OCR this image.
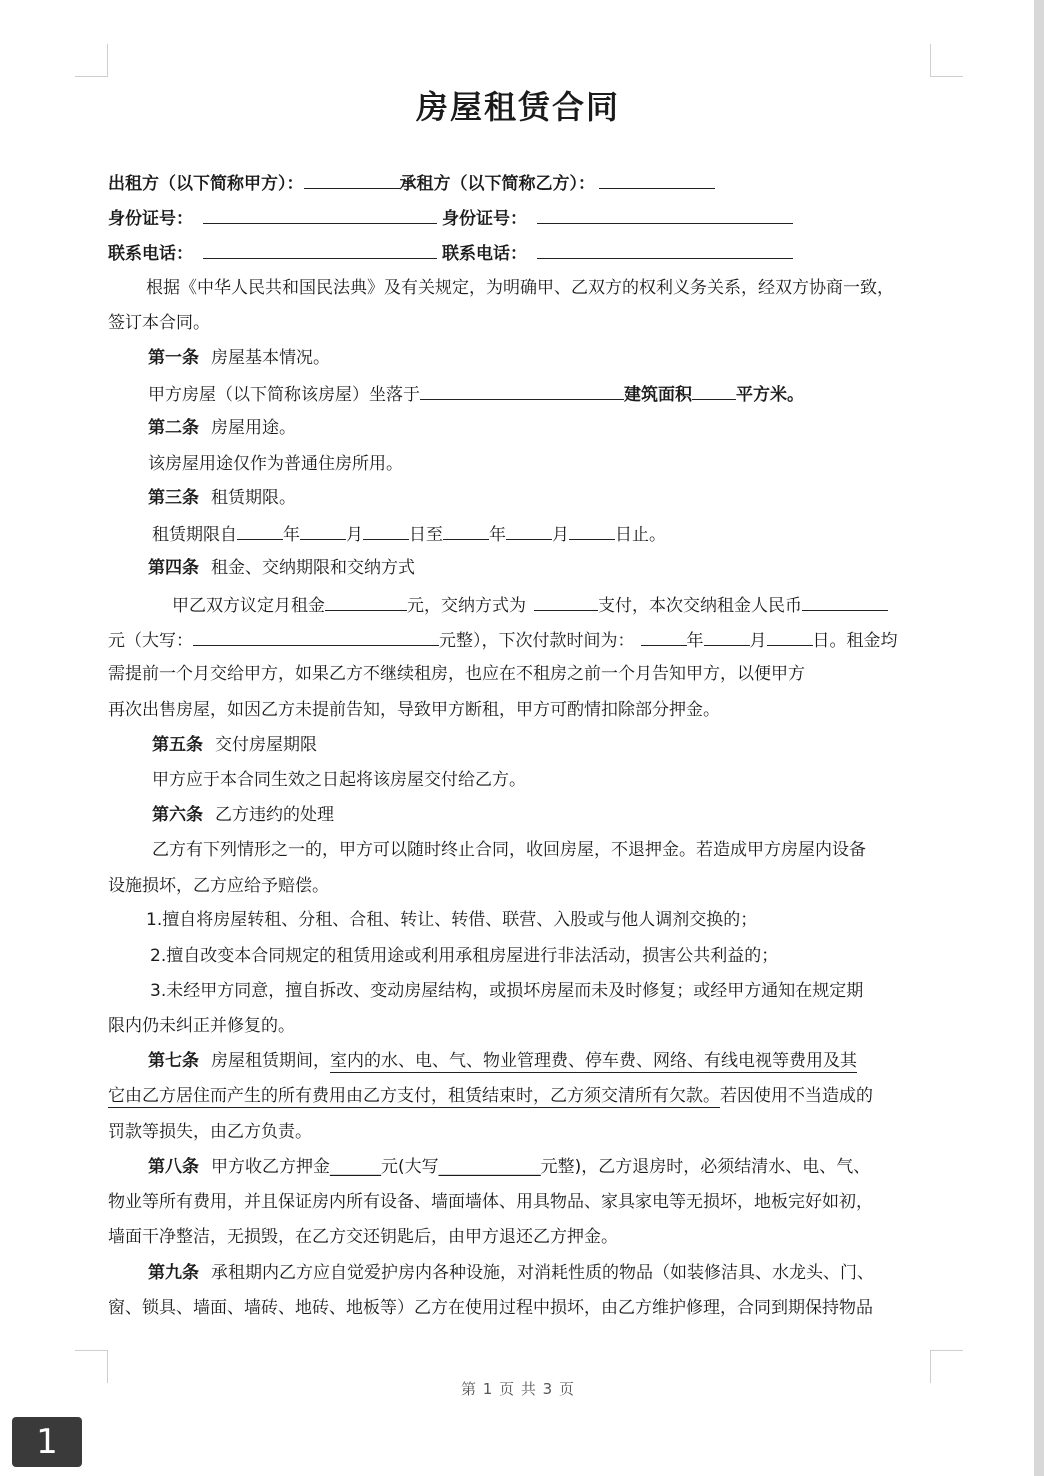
房屋租赁合同
出租方（以下简称甲方）：	承租方（以下简称乙方）：
身份证号：	身份证号：
联系电话：	联系电话：
根据《中华人民共和国民法典》及有关规定，为明确甲、乙双方的权利义务关系，经双方协商一致，
签订本合同。
第一条 房屋基本情况。
甲方房屋（以下简称该房屋）坐落于	建筑面积	平方米。
第二条 房屋用途。
该房屋用途仅作为普通住房所用。
第三条 租赁期限。
租赁期限自	年	月	日至	年	月	日止。
第四条 租金、交纳期限和交纳方式
甲乙双方议定月租金	元，交纳方式为	支付，本次交纳租金人民币
元（大写：	元整），下次付款时间为：	年	月	日。租金均
需提前一个月交给甲方，如果乙方不继续租房，也应在不租房之前一个月告知甲方，以便甲方
再次出售房屋，如因乙方未提前告知，导致甲方断租，甲方可酌情扣除部分押金。
第五条 交付房屋期限
甲方应于本合同生效之日起将该房屋交付给乙方。
第六条 乙方违约的处理
乙方有下列情形之一的，甲方可以随时终止合同，收回房屋，不退押金。若造成甲方房屋内设备
设施损坏，乙方应给予赔偿。
1.擅自将房屋转租、分租、合租、转让、转借、联营、入股或与他人调剂交换的；
2.擅自改变本合同规定的租赁用途或利用承租房屋进行非法活动，损害公共利益的；
3.未经甲方同意，擅自拆改、变动房屋结构，或损坏房屋而未及时修复；或经甲方通知在规定期
限内仍未纠正并修复的。
第七条 房屋租赁期间，室内的水、电、气、物业管理费、停车费、网络、有线电视等费用及其
它由乙方居住而产生的所有费用由乙方支付，租赁结束时，乙方须交清所有欠款。若因使用不当造成的
罚款等损失，由乙方负责。
第八条 甲方收乙方押金______元(大写____________元整)，乙方退房时，必须结清水、电、气、
物业等所有费用，并且保证房内所有设备、墙面墙体、用具物品、家具家电等无损坏，地板完好如初，
墙面干净整洁，无损毁，在乙方交还钥匙后，由甲方退还乙方押金。
第九条 承租期内乙方应自觉爱护房内各种设施，对消耗性质的物品（如装修洁具、水龙头、门、
窗、锁具、墙面、墙砖、地砖、地板等）乙方在使用过程中损坏，由乙方维护修理，合同到期保持物品
第 1 页 共 3 页
1
